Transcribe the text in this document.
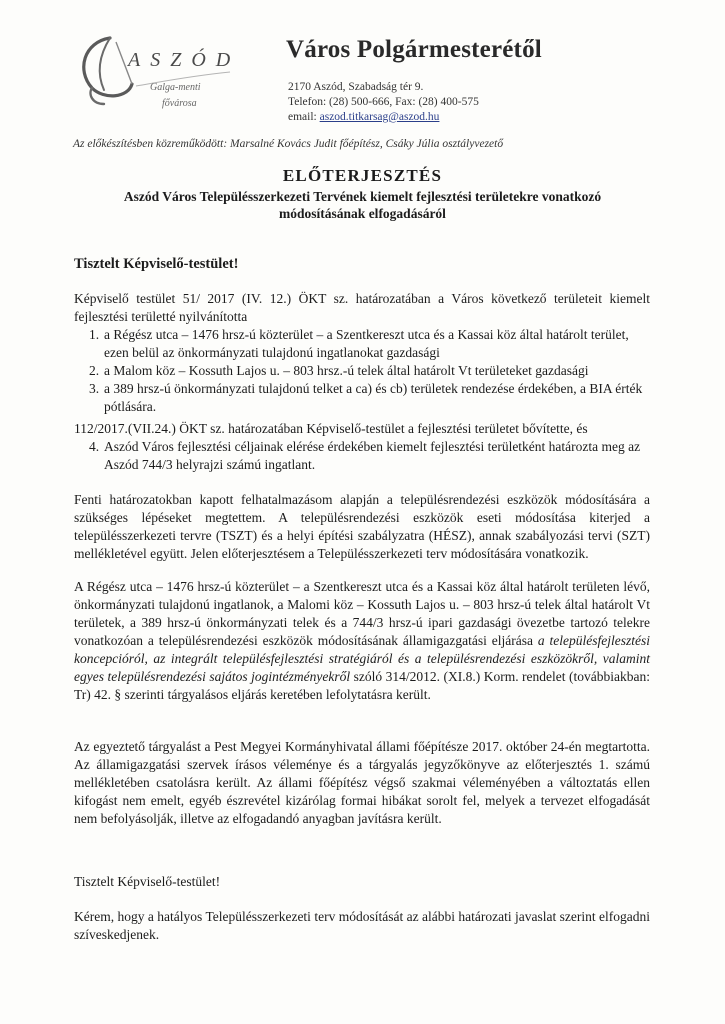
ASZÓD
Galga-menti
fővárosa
Város Polgármesterétől
2170 Aszód, Szabadság tér 9.
Telefon: (28) 500-666, Fax: (28) 400-575
email: aszod.titkarsag@aszod.hu
Az előkészítésben közreműködött: Marsalné Kovács Judit főépítész, Csáky Júlia osztályvezető
ELŐTERJESZTÉS
Aszód Város Településszerkezeti Tervének kiemelt fejlesztési területekre vonatkozó módosításának elfogadásáról
Tisztelt Képviselő-testület!

Képviselő testület 51/ 2017 (IV. 12.) ÖKT sz. határozatában a Város következő területeit kiemelt fejlesztési területté nyilvánította

1. a Régész utca – 1476 hrsz-ú közterület – a Szentkereszt utca és a Kassai köz által határolt terület, ezen belül az önkormányzati tulajdonú ingatlanokat gazdasági
2. a Malom köz – Kossuth Lajos u. – 803 hrsz.-ú telek által határolt Vt területeket gazdasági
3. a 389 hrsz-ú önkormányzati tulajdonú telket a ca) és cb) területek rendezése érdekében, a BIA érték pótlására.

112/2017.(VII.24.) ÖKT sz. határozatában Képviselő-testület a fejlesztési területet bővítette, és

4. Aszód Város fejlesztési céljainak elérése érdekében kiemelt fejlesztési területként határozta meg az Aszód 744/3 helyrajzi számú ingatlant.

Fenti határozatokban kapott felhatalmazásom alapján a településrendezési eszközök módosítására a szükséges lépéseket megtettem. A településrendezési eszközök eseti módosítása kiterjed a településszerkezeti tervre (TSZT) és a helyi építési szabályzatra (HÉSZ), annak szabályozási tervi (SZT) mellékletével együtt. Jelen előterjesztésem a Településszerkezeti terv módosítására vonatkozik.

A Régész utca – 1476 hrsz-ú közterület – a Szentkereszt utca és a Kassai köz által határolt területen lévő, önkormányzati tulajdonú ingatlanok, a Malomi köz – Kossuth Lajos u. – 803 hrsz-ú telek által határolt Vt területek, a 389 hrsz-ú önkormányzati telek és a 744/3 hrsz-ú ipari gazdasági övezetbe tartozó telekre vonatkozóan a településrendezési eszközök módosításának államigazgatási eljárása a településfejlesztési koncepcióról, az integrált településfejlesztési stratégiáról és a településrendezési eszközökről, valamint egyes településrendezési sajátos jogintézményekről szóló 314/2012. (XI.8.) Korm. rendelet (továbbiakban: Tr) 42. § szerinti tárgyalásos eljárás keretében lefolytatásra került.

Az egyeztető tárgyalást a Pest Megyei Kormányhivatal állami főépítésze 2017. október 24-én megtartotta. Az államigazgatási szervek írásos véleménye és a tárgyalás jegyzőkönyve az előterjesztés 1. számú mellékletében csatolásra került. Az állami főépítész végső szakmai véleményében a változtatás ellen kifogást nem emelt, egyéb észrevétel kizárólag formai hibákat sorolt fel, melyek a tervezet elfogadását nem befolyásolják, illetve az elfogadandó anyagban javításra került.

Tisztelt Képviselő-testület!

Kérem, hogy a hatályos Településszerkezeti terv módosítását az alábbi határozati javaslat szerint elfogadni szíveskedjenek.
